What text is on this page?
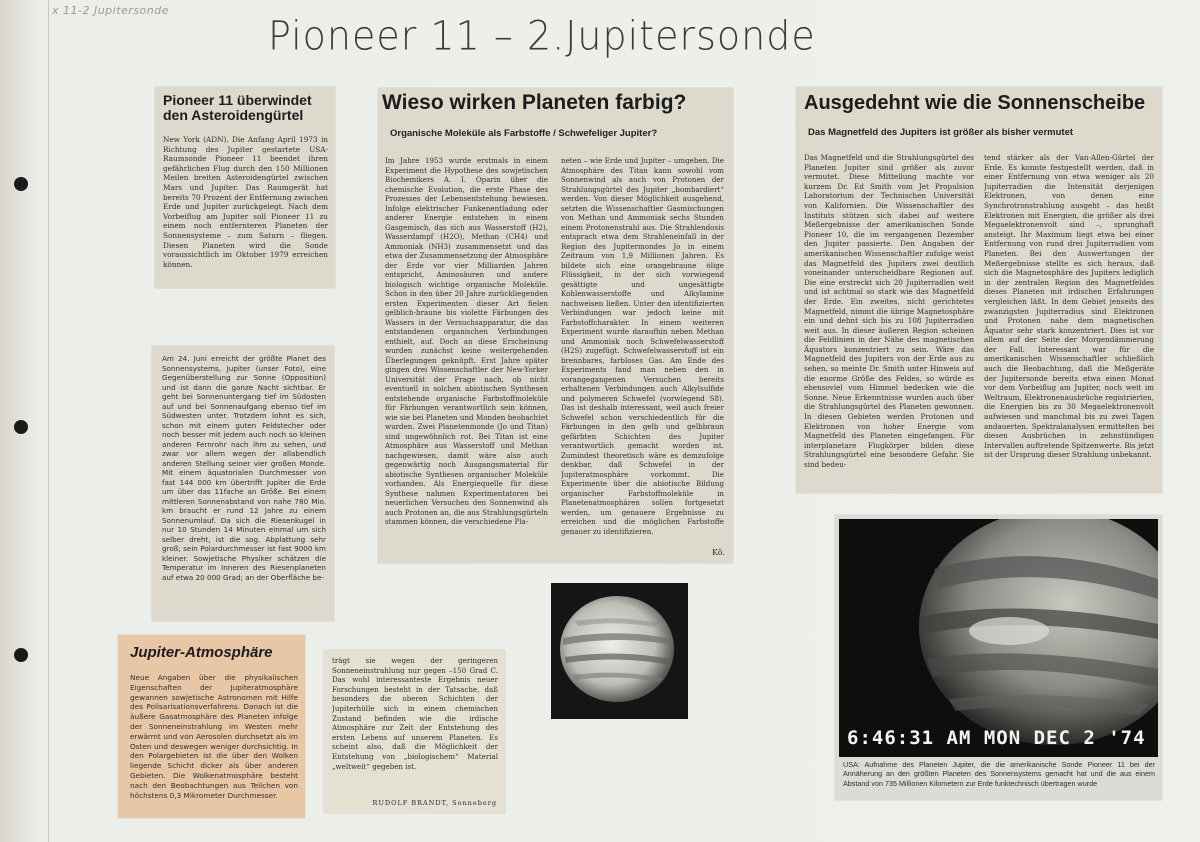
x 11-2 Jupitersonde
Pioneer 11 – 2.Jupitersonde
Pioneer 11 überwindet den Asteroidengürtel
New York (ADN). Die Anfang April 1973 in Richtung des Jupiter gestartete USA-Raumsonde Pioneer 11 beendet ihren gefährlichen Flug durch den 150 Millionen Meilen breiten Asteroidengürtel zwischen Mars und Jupiter. Das Raumgerät hat bereits 70 Prozent der Entfernung zwischen Erde und Jupiter zurückgelegt. Nach dem Vorbeiflug am Jupiter soll Pioneer 11 zu einem noch entfernteren Planeten der Sonnensysteme – zum Saturn – fliegen. Diesen Planeten wird die Sonde voraussichtlich im Oktober 1979 erreichen können.
Wieso wirken Planeten farbig?
Organische Moleküle als Farbstoffe / Schwefeliger Jupiter?
Im Jahre 1953 wurde erstmals in einem Experiment die Hypothese des sowjetischen Biochemikers A. I. Oparin über die chemische Evolution, die erste Phase des Prozesses der Lebensentstehung bewiesen. Infolge elektrischer Funkenentladung oder anderer Energie entstehen in einem Gasgemisch, das sich aus Wasserstoff (H2), Wasserdampf (H2O), Methan (CH4) und Ammoniak (NH3) zusammensetzt und das etwa der Zusammensetzung der Atmosphäre der Erde vor vier Milliarden Jahren entspricht, Aminosäuren und andere biologisch wichtige organische Moleküle. Schon in den über 20 Jahre zurückliegenden ersten Experimenten dieser Art fielen gelblich-braune bis violette Färbungen des Wassers in der Versuchsapparatur, die das entstandenen organischen Verbindungen enthielt, auf. Doch an diese Erscheinung wurden zunächst keine weitergehenden Überlegungen geknüpft. Erst Jahre später gingen drei Wissenschaftler der New-Yorker Universität der Frage nach, ob nicht eventuell in solchen abiotischen Synthesen entstehende organische Farbstoffmoleküle für Färbungen verantwortlich sein können, wie sie bei Planeten und Monden beobachtet wurden. Zwei Planetenmonde (Jo und Titan) sind ungewöhnlich rot. Bei Titan ist eine Atmosphäre aus Wasserstoff und Methan nachgewiesen, damit wäre also auch gegenwärtig noch Ausgangsmaterial für abiotische Synthesen organischer Moleküle vorhanden. Als Energiequelle für diese Synthese nahmen Experimentatoren bei neuerlichen Versuchen den Sonnenwind als auch Protonen an, die aus Strahlungsgürteln stammen können, die verschiedene Pla-
neten – wie Erde und Jupiter – umgeben. Die Atmosphäre des Titan kann sowohl vom Sonnenwind als auch von Protonen der Strahlungsgürtel des Jupiter „bombardiert“ werden. Von dieser Möglichkeit ausgehend, setzten die Wissenschaftler Gasmischungen von Methan und Ammoniak sechs Stunden einem Protonenstrahl aus. Die Strahlendosis entsprach etwa dem Strahleneinfall in der Region des Jupitermondes Jo in einem Zeitraum von 1,9 Millionen Jahren. Es bildete sich eine orangebraune ölige Flüssigkeit, in der sich vorwiegend gesättigte und ungesättigte Kohlenwasserstoffe und Alkylamine nachweisen ließen. Unter den identifizierten Verbindungen war jedoch keine mit Farbstoffcharakter. In einem weiteren Experiment wurde daraufhin neben Methan und Ammoniak noch Schwefelwasserstoff (H2S) zugefügt. Schwefelwasserstoff ist ein brennbares, farbloses Gas. Am Ende des Experiments fand man neben den in vorangegangenen Versuchen bereits erhaltenen Verbindungen auch Alkylsulfide und polymeren Schwefel (vorwiegend S8). Das ist deshalb interessant, weil auch freier Schwefel schon verschiedentlich für die Färbungen in den gelb und gelbbraun gefärbten Schichten des Jupiter verantwortlich gemacht worden ist. Zumindest theoretisch wäre es demzufolge denkbar, daß Schwefel in der Jupiteratmosphäre vorkommt. Die Experimente über die abiotische Bildung organischer Farbstoffmoleküle in Planetenatmosphären sollen fortgesetzt werden, um genauere Ergebnisse zu erreichen und die möglichen Farbstoffe genauer zu identifizieren.
Kö.
Ausgedehnt wie die Sonnenscheibe
Das Magnetfeld des Jupiters ist größer als bisher vermutet
Das Magnetfeld und die Strahlungsgürtel des Planeten Jupiter sind größer als zuvor vermutet. Diese Mitteilung machte vor kurzem Dr. Ed Smith vom Jet Propulsion Laboratorium der Technischen Universität von Kalifornien. Die Wissenschaftler des Instituts stützen sich dabei auf weitere Meßergebnisse der amerikanischen Sonde Pioneer 10, die im vergangenen Dezember den Jupiter passierte. Den Angaben der amerikanischen Wissenschaftler zufolge weist das Magnetfeld des Jupiters zwei deutlich voneinander unterscheidbare Regionen auf. Die eine erstreckt sich 20 Jupiterradien weit und ist achtmal so stark wie das Magnetfeld der Erde. Ein zweites, nicht gerichtetes Magnetfeld, nimmt die übrige Magnetosphäre ein und dehnt sich bis zu 108 Jupiterradien weit aus. In dieser äußeren Region scheinen die Feldlinien in der Nähe des magnetischen Äquators konzentriert zu sein. Wäre das Magnetfeld des Jupiters von der Erde aus zu sehen, so meinte Dr. Smith unter Hinweis auf die enorme Größe des Feldes, so würde es ebensoviel vom Himmel bedecken wie die Sonne. Neue Erkenntnisse wurden auch über die Strahlungsgürtel des Planeten gewonnen. In diesen Gebieten werden Protonen und Elektronen von hoher Energie vom Magnetfeld des Planeten eingefangen. Für interplanetare Flugkörper bilden diese Strahlungsgürtel eine besondere Gefahr. Sie sind bedeu-
tend stärker als der Van-Allen-Gürtel der Erde. Es konnte festgestellt werden, daß in einer Entfernung von etwa weniger als 20 Jupiterradien die Intensität derjenigen Elektronen, von denen eine Synchrotronstrahlung ausgeht – das heißt Elektronen mit Energien, die größer als drei Megaelektronenvolt sind –, sprunghaft ansteigt. Ihr Maximum liegt etwa bei einer Entfernung von rund drei Jupiterradien vom Planeten. Bei den Auswertungen der Meßergebnisse stellte es sich heraus, daß sich die Magnetosphäre des Jupiters lediglich in der zentralen Region des Magnetfeldes dieses Planeten mit irdischen Erfahrungen vergleichen läßt. In dem Gebiet jenseits des zwanzigsten Jupiterradius sind Elektronen und Protonen nahe dem magnetischen Äquator sehr stark konzentriert. Dies ist vor allem auf der Seite der Morgendämmerung der Fall. Interessant war für die amerikanischen Wissenschaftler schließlich auch die Beobachtung, daß die Meßgeräte der Jupitersonde bereits etwa einen Monat vor dem Vorbeiflug am Jupiter, noch weit im Weltraum, Elektronenausbrüche registrierten, die Energien bis zu 30 Megaelektronenvolt aufwiesen und manchmal bis zu zwei Tagen andauerten. Spektralanalysen ermittelten bei diesen Ausbrüchen in zehnstündigen Intervallen auftretende Spitzenwerte. Bis jetzt ist der Ursprung dieser Strahlung unbekannt.
Am 24. Juni erreicht der größte Planet des Sonnensystems, Jupiter (unser Foto), eine Gegenüberstellung zur Sonne (Opposition) und ist dann die ganze Nacht sichtbar. Er geht bei Sonnenuntergang tief im Südosten auf und bei Sonnenaufgang ebenso tief im Südwesten unter. Trotzdem lohnt es sich, schon mit einem guten Feldstecher oder noch besser mit jedem auch noch so kleinen anderen Fernrohr nach ihm zu sehen, und zwar vor allem wegen der allabendlich anderen Stellung seiner vier großen Monde. Mit einem äquatorialen Durchmesser von fast 144 000 km übertrifft Jupiter die Erde um über das 11fache an Größe. Bei einem mittleren Sonnenabstand von nahe 780 Mio. km braucht er rund 12 Jahre zu einem Sonnenumlauf. Da sich die Riesenkugel in nur 10 Stunden 14 Minuten einmal um sich selber dreht, ist die sog. Abplattung sehr groß; sein Polardurchmesser ist fast 9000 km kleiner. Sowjetische Physiker schätzen die Temperatur im Inneren des Riesenplaneten auf etwa 20 000 Grad; an der Oberfläche be-
Jupiter-Atmosphäre
Neue Angaben über die physikalischen Eigenschaften der Jupiteratmosphäre gewannen sowjetische Astronomen mit Hilfe des Polisarisationsverfahrens. Danach ist die äußere Gasatmosphäre des Planeten infolge der Sonneneinstrahlung im Westen mehr erwärmt und von Aerosolen durchsetzt als im Osten und deswegen weniger durchsichtig. In den Polargebieten ist die über den Wolken liegende Schicht dicker als über anderen Gebieten. Die Wolkenatmosphäre besteht nach den Beobachtungen aus Teilchen von höchstens 0,3 Mikrometer Durchmesser.
trägt sie wegen der geringeren Sonneneinstrahlung nur gegen –150 Grad C. Das wohl interessanteste Ergebnis neuer Forschungen besteht in der Tatsache, daß besonders die oberen Schichten der Jupiterhülle sich in einem chemischen Zustand befinden wie die irdische Atmosphäre zur Zeit der Entstehung des ersten Lebens auf unserem Planeten. Es scheint also, daß die Möglichkeit der Entstehung von „biologischem“ Material „weltweit“ gegeben ist.
RUDOLF BRANDT, Sonneberg
6:46:31 AM MON DEC 2 '74
USA: Aufnahme des Planeten Jupiter, die die amerikanische Sonde Pioneer 11 bei der Annäherung an den größten Planeten des Sonnensystems gemacht hat und die aus einem Abstand von 735 Millionen Kilometern zur Erde funktechnisch übertragen wurde
